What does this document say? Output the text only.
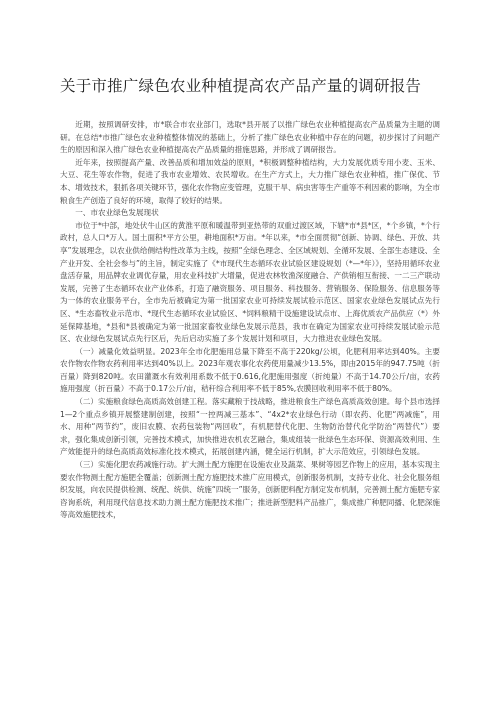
关于市推广绿色农业种植提高农产品产量的调研报告

近期，按照调研安排，市*联合市农业部门，选取*县开展了以推广绿色农业种植提高农产品质量为主题的调研。在总结*市推广绿色农业种植整体情况的基础上，分析了推广绿色农业种植中存在的问题，初步探讨了问题产生的原因和深入推广绿色农业种植提高农产品质量的措施思路，并形成了调研报告。

近年来，按照提高产量、改善品质和增加效益的原则，*积极调整种植结构，大力发展优质专用小麦、玉米、大豆、花生等农作物，促进了我市农业增效、农民增收。在生产方式上，大力推广绿色农业种植，推广保优、节本、增效技术，狠抓各项关键环节，强化农作物应变管理，克服干旱、病虫害等生产重等不利因素的影响，为全市粮食生产创造了良好的环境，取得了较好的结果。

一、市农业绿色发展现状

市位于*中部，地处伏牛山区的黄淮平原和暖温带到亚热带的双重过渡区域，下辖*市*县*区，*个乡镇，*个行政村，总人口*万人。国土面积*平方公里，耕地面积*万亩。*年以来，*市全面贯彻“创新、协调、绿色、开放、共享”发展理念，以农业供给侧结构性改革为主线，按照“全绿色理念、全区域规划、全循环发展、全部生态建设、全产业开发、全社会参与”的主旨，制定实施了《*市现代生态循环农业试验区建设规划（*—*年）》，坚持用循环农业盘活存量，用品牌农业调优存量，用农业科技扩大增量，促进农林牧渔深度融合、产供销相互衔接、一二三产联动发展，完善了生态循环农业产业体系，打造了融资服务、项目服务、科技服务、营销服务、保险服务、信息服务等为一体的农业服务平台，全市先后被确定为第一批国家农业可持续发展试验示范区、国家农业绿色发展试点先行区、*生态畜牧业示范市、*现代生态循环农业试验区、*饲料粮精干设施建设试点市、上海优质农产品供应（*）外延保障基地，*县和*县被确定为第一批国家畜牧业绿色发展示范县，我市在确定为国家农业可持续发展试验示范区、农业绿色发展试点先行区后，先后启动实施了多个发展计划和项目，大力推进农业绿色发展。

（一）减量化效益明显。2023年全市化肥施用总量下降至不高于220kg/公顷，化肥利用率达到40%。主要农作物农作物农药利用率达到40%以上。2023年观农事化农药使用量减少13.5%，即由2015年的947.75吨（折百量）降到820吨。农田灌溉水有效利用系数不低于0.616,化肥施用强度（折纯量）不高于14.70公斤/亩，农药施用强度（折百量）不高于0.17公斤/亩，秸秆综合利用率不低于85%,农膜回收利用率不低于80%。

（二）实施粮食绿色高质高效创建工程。落实藏粮于技战略，推进粮食生产绿色高质高效创建。每个县市选择1—2个重点乡镇开展整建制创建，按照“一控两减三基本”、“4x2*农业绿色行动（即农药、化肥“两减施”，用水、用种“两节约”，废旧农膜、农药包装物“两回收”，有机肥替代化肥、生物防治替代化学防治“两替代”）要求，强化集成创新引领，完善技术模式，加快推进农机农艺融合，集成组装一批绿色生态环保、资源高效利用、生产效能提升的绿色高质高效标准化技术模式，拓展创建内涵，健全运行机制，扩大示范效应，引领绿色发展。

（三）实施化肥农药减施行动。扩大测土配方施肥在设施农业及蔬菜、果树等园艺作物上的应用，基本实现主要农作物测土配方施肥全覆盖；创新测土配方施肥技术推广应用模式，创新服务机制，支持专业化、社会化服务组织发展，向农民提供检测、统配、统供、统施“四统一”服务，创新肥料配方制定发布机制，完善测土配方施肥专家咨询系统，利用现代信息技术助力测土配方施肥技术推广；推进新型肥料产品推广，集成推广种肥同播、化肥深施等高效施肥技术，
